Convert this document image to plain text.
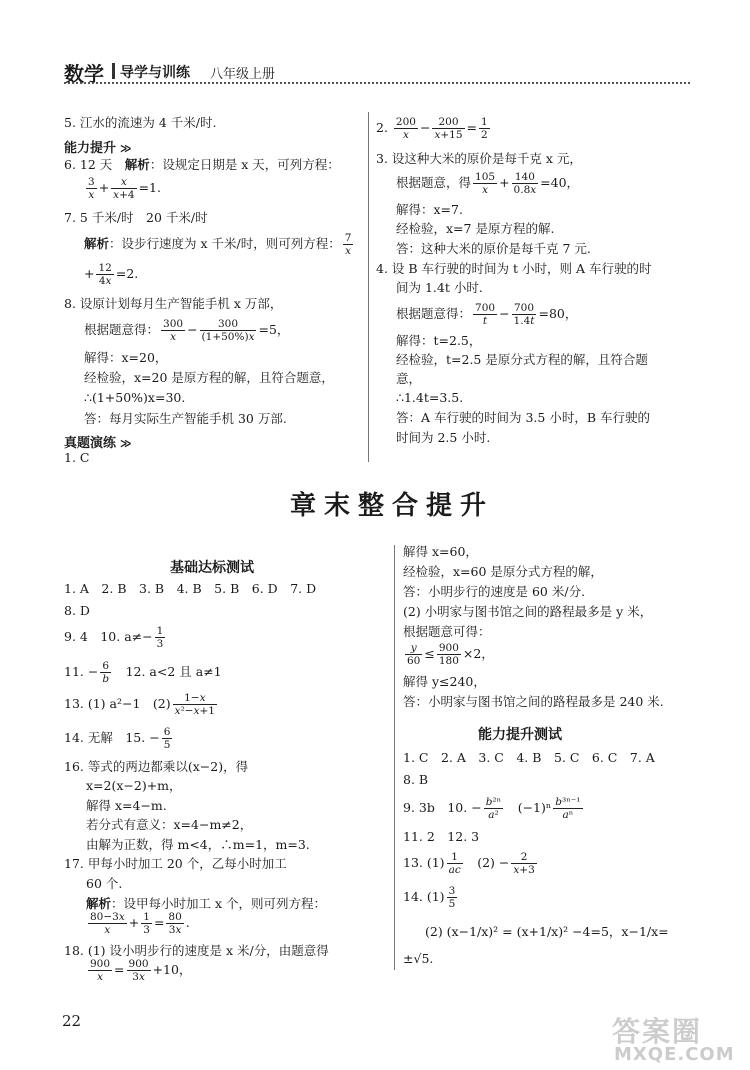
数学 导学与训练 八年级上册
5. 江水的流速为 4 千米/时.
能力提升 ≫
6. 12 天　 解析：设规定日期是 x 天，可列方程：
$\frac{3}{x} + \frac{x}{x+4} =1$.
7. 5 千米/时　20 千米/时
解析：设步行速度为 x 千米/时，则可列方程： $\frac{7}{x}$
+ $\frac{12}{4x} =2$.
8. 设原计划每月生产智能手机 x 万部，
根据题意得： $\frac{300}{x} - \frac{300}{(1+50\%)x} =5$，
解得：x=20，
经检验，x=20 是原方程的解，且符合题意，
∴(1+50%)x=30.
答：每月实际生产智能手机 30 万部.
真题演练 ≫
1. C
2. $\frac{200}{x} - \frac{200}{x+15} = \frac{1}{2}$
3. 设这种大米的原价是每千克 x 元，
根据题意，得 $\frac{105}{x} + \frac{140}{0.8x} =40$，
解得：x=7.
经检验，x=7 是原方程的解.
答：这种大米的原价是每千克 7 元.
4. 设 B 车行驶的时间为 t 小时，则 A 车行驶的时
间为 1.4t 小时.
根据题意得： $\frac{700}{t} - \frac{700}{1.4t} =80$，
解得：t=2.5，
经检验，t=2.5 是原分式方程的解，且符合题
意，
∴1.4t=3.5.
答：A 车行驶的时间为 3.5 小时，B 车行驶的
时间为 2.5 小时.
章末整合提升
基础达标测试
1. A　2. B　3. B　4. B　5. B　6. D　7. D
8. D
9. 4　10. $a\ne- \frac{1}{3}$
11. − $\frac{6}{b}$
　 12. a<2 且 a≠1
13. (1) a²−1　$(2) \frac{1-x}{\text{x²−x+1}}$
14. 无解　15. − $\frac{6}{5}$
16. 等式的两边都乘以(x−2)，得
x=2(x−2)+m，
解得 x=4−m.
若分式有意义：x=4−m≠2，
由解为正数，得 m<4，∴m=1，m=3.
17. 甲每小时加工 20 个，乙每小时加工
60 个.
解析：设甲每小时加工 x 个，则可列方程：
$\frac{80-3x}{x} + \frac{1}{3} = \frac{80}{3x}$ .
18. (1) 设小明步行的速度是 x 米/分，由题意得
$\frac{900}{x} = \frac{900}{3x} +10$，
解得 x=60，
经检验，x=60 是原分式方程的解，
答：小明步行的速度是 60 米/分.
(2) 小明家与图书馆之间的路程最多是 y 米，
根据题意可得：
$\frac{y}{60} \le \frac{900}{180} \times 2$，
解得 y≤240，
答：小明家与图书馆之间的路程最多是 240 米.
能力提升测试
1. C　2. A　3. C　4. B　5. C　6. C　7. A
8. B
9. 3b　10. − $\frac{\text{b²ⁿ}}{\text{a²}}$
　 $(-1)^n \frac{\text{b³ⁿ⁻¹}}{\text{aⁿ}}$
11. 2　12. 3
13. $(1) \frac{1}{ac}$
　 $(2) - \frac{2}{x+3}$
14. $(1) \frac{3}{5}$
(2) (x−1/x)² = (x+1/x)² −4=5，x−1/x=
±√5.
22	答案圈
MXQE.COM
